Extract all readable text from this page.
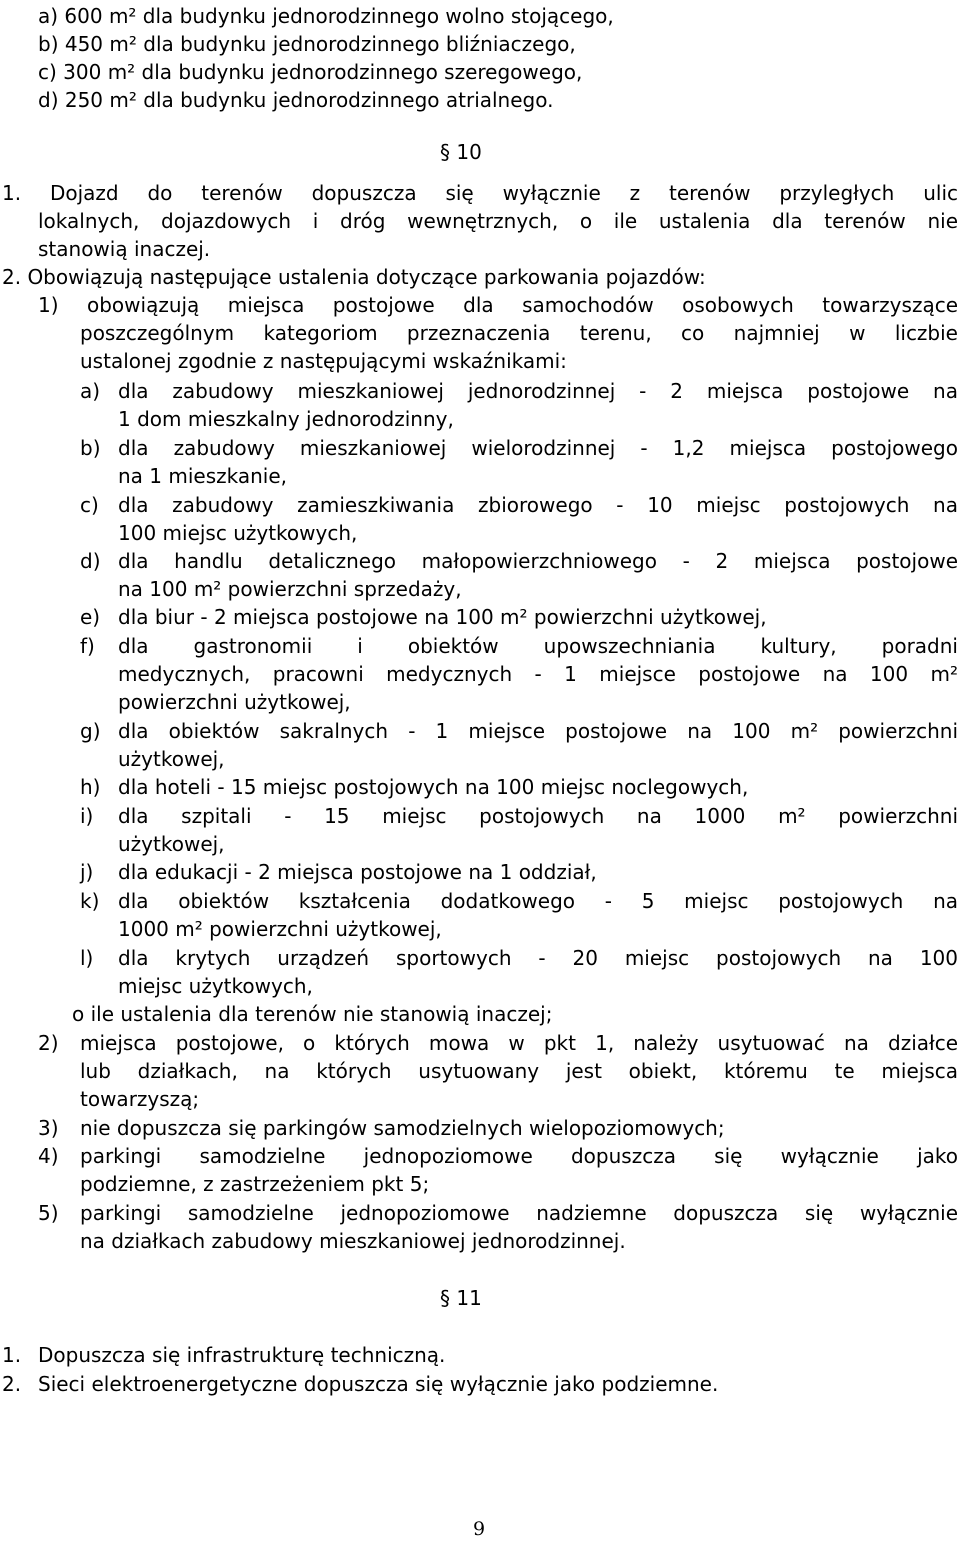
a) 600 m² dla budynku jednorodzinnego wolno stojącego,
b) 450 m² dla budynku jednorodzinnego bliźniaczego,
c) 300 m² dla budynku jednorodzinnego szeregowego,
d) 250 m² dla budynku jednorodzinnego atrialnego.
§ 10
1. Dojazd do terenów dopuszcza się wyłącznie z terenów przyległych ulic
lokalnych, dojazdowych i dróg wewnętrznych, o ile ustalenia dla terenów nie
stanowią inaczej.
2. Obowiązują następujące ustalenia dotyczące parkowania pojazdów:
1) obowiązują miejsca postojowe dla samochodów osobowych towarzyszące
poszczególnym kategoriom przeznaczenia terenu, co najmniej w liczbie
ustalonej zgodnie z następującymi wskaźnikami:
a) dla zabudowy mieszkaniowej jednorodzinnej - 2 miejsca postojowe na
1 dom mieszkalny jednorodzinny,
b) dla zabudowy mieszkaniowej wielorodzinnej - 1,2 miejsca postojowego
na 1 mieszkanie,
c) dla zabudowy zamieszkiwania zbiorowego - 10 miejsc postojowych na
100 miejsc użytkowych,
d) dla handlu detalicznego małopowierzchniowego - 2 miejsca postojowe
na 100 m² powierzchni sprzedaży,
e) dla biur - 2 miejsca postojowe na 100 m² powierzchni użytkowej,
f) dla gastronomii i obiektów upowszechniania kultury, poradni
medycznych, pracowni medycznych - 1 miejsce postojowe na 100 m²
powierzchni użytkowej,
g) dla obiektów sakralnych - 1 miejsce postojowe na 100 m² powierzchni
użytkowej,
h) dla hoteli - 15 miejsc postojowych na 100 miejsc noclegowych,
i) dla szpitali - 15 miejsc postojowych na 1000 m² powierzchni
użytkowej,
j) dla edukacji - 2 miejsca postojowe na 1 oddział,
k) dla obiektów kształcenia dodatkowego - 5 miejsc postojowych na
1000 m² powierzchni użytkowej,
l) dla krytych urządzeń sportowych - 20 miejsc postojowych na 100
miejsc użytkowych,
o ile ustalenia dla terenów nie stanowią inaczej;
2) miejsca postojowe, o których mowa w pkt 1, należy usytuować na działce
lub działkach, na których usytuowany jest obiekt, któremu te miejsca
towarzyszą;
3) nie dopuszcza się parkingów samodzielnych wielopoziomowych;
4) parkingi samodzielne jednopoziomowe dopuszcza się wyłącznie jako
podziemne, z zastrzeżeniem pkt 5;
5) parkingi samodzielne jednopoziomowe nadziemne dopuszcza się wyłącznie
na działkach zabudowy mieszkaniowej jednorodzinnej.
§ 11
1. Dopuszcza się infrastrukturę techniczną.
2. Sieci elektroenergetyczne dopuszcza się wyłącznie jako podziemne.
9
